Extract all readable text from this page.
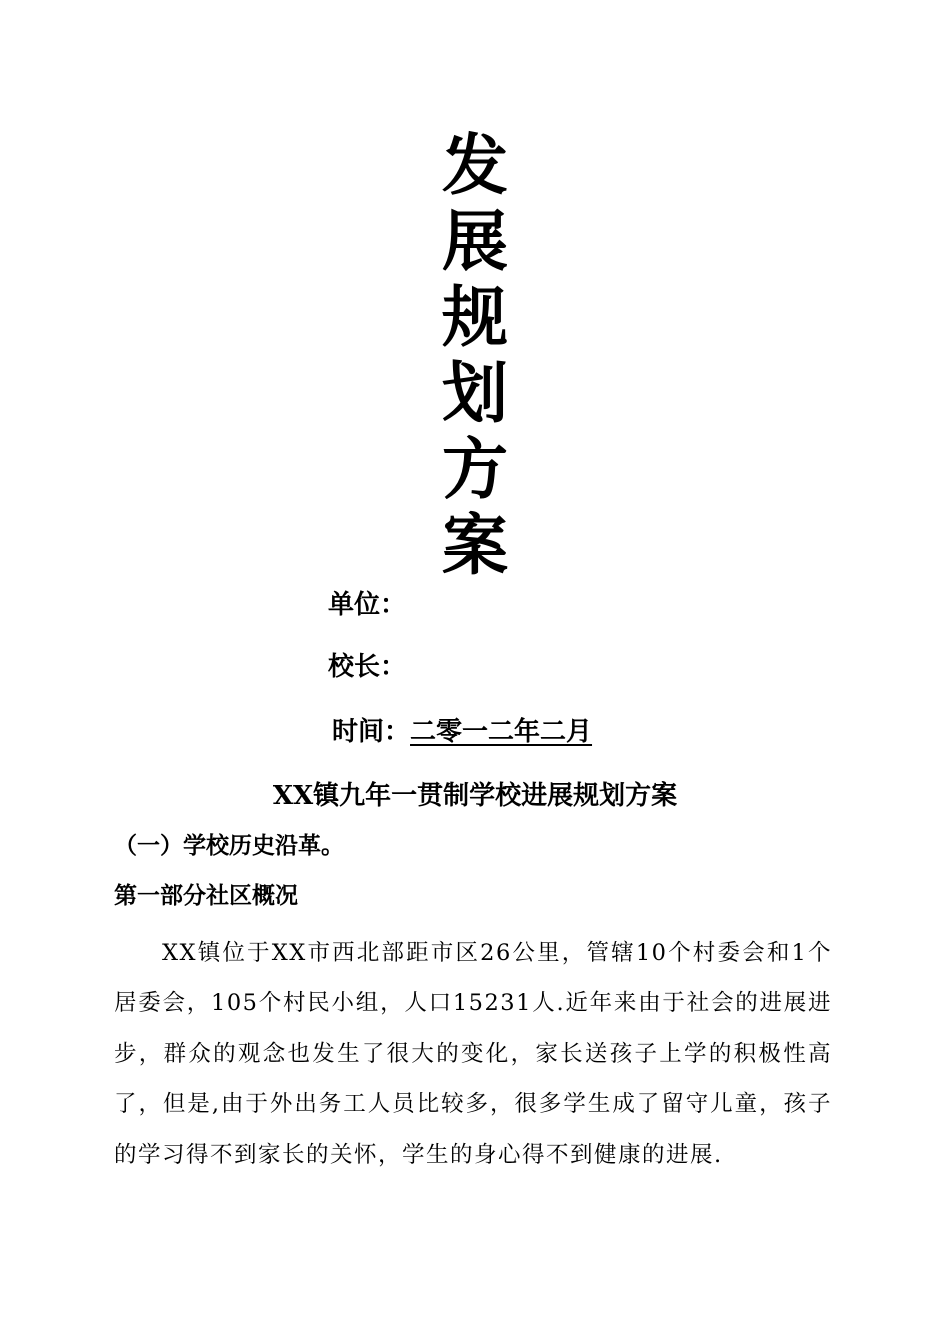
发
展
规
划
方
案
单位：
校长：
时间：二零一二年二月
XX镇九年一贯制学校进展规划方案
（一）学校历史沿革。
第一部分社区概况

XX镇位于XX市西北部距市区26公里，管辖10个村委会和1个居委会，105个村民小组，人口15231人.近年来由于社会的进展进步，群众的观念也发生了很大的变化，家长送孩子上学的积极性高了，但是,由于外出务工人员比较多，很多学生成了留守儿童，孩子的学习得不到家长的关怀，学生的身心得不到健康的进展.
